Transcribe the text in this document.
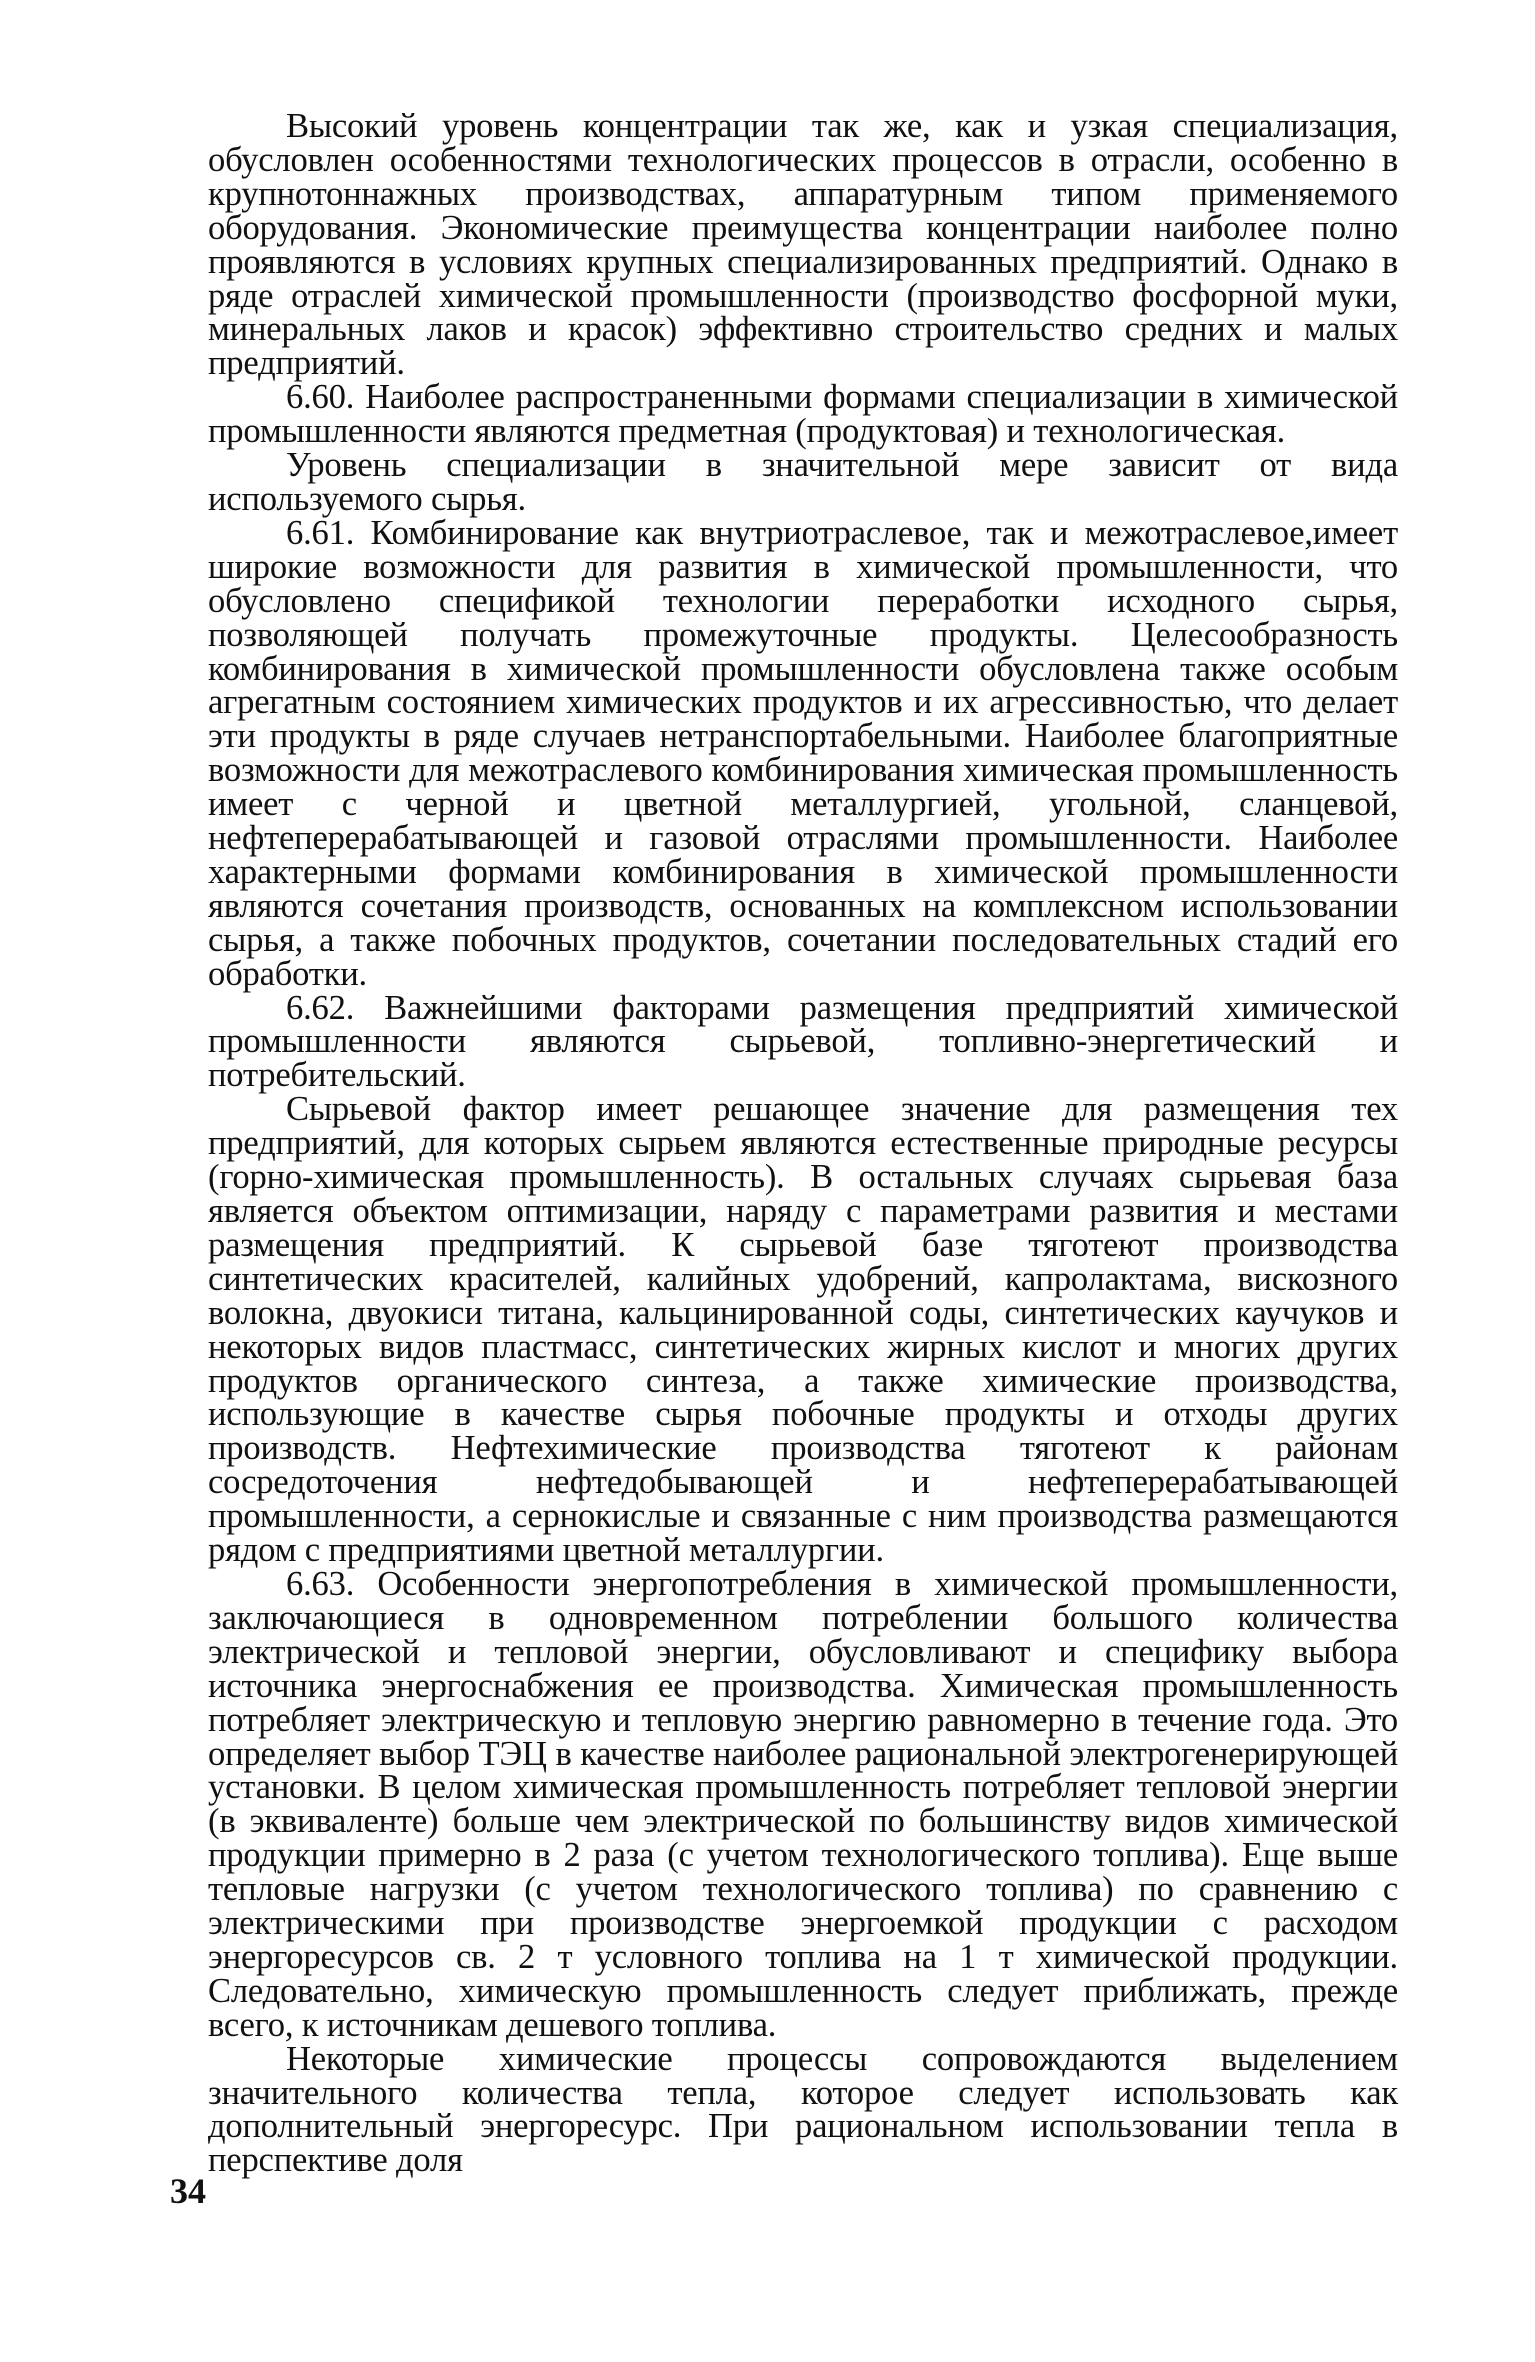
Высокий уровень концентрации так же, как и узкая специализация, обусловлен особенностями технологических процессов в отрасли, особенно в крупнотоннажных производствах, аппаратурным типом применяемого оборудования. Экономические преимущества концентрации наиболее полно проявляются в условиях крупных специализированных предприятий. Однако в ряде отраслей химической промышленности (производство фосфорной муки, минеральных лаков и красок) эффективно строительство средних и малых предприятий.

6.60. Наиболее распространенными формами специализации в химической промышленности являются предметная (продуктовая) и технологическая.

Уровень специализации в значительной мере зависит от вида используемого сырья.

6.61. Комбинирование как внутриотраслевое, так и межотраслевое,имеет широкие возможности для развития в химической промышленности, что обусловлено спецификой технологии переработки исходного сырья, позволяющей получать промежуточные продукты. Целесообразность комбинирования в химической промышленности обусловлена также особым агрегатным состоянием химических продуктов и их агрессивностью, что делает эти продукты в ряде случаев нетранспортабельными. Наиболее благоприятные возможности для межотраслевого комбинирования химическая промышленность имеет с черной и цветной металлургией, угольной, сланцевой, нефтеперерабатывающей и газовой отраслями промышленности. Наиболее характерными формами комбинирования в химической промышленности являются сочетания производств, основанных на комплексном использовании сырья, а также побочных продуктов, сочетании последовательных стадий его обработки.

6.62. Важнейшими факторами размещения предприятий химической промышленности являются сырьевой, топливно-энергетический и потребительский.

Сырьевой фактор имеет решающее значение для размещения тех предприятий, для которых сырьем являются естественные природные ресурсы (горно-химическая промышленность). В остальных случаях сырьевая база является объектом оптимизации, наряду с параметрами развития и местами размещения предприятий. К сырьевой базе тяготеют производства синтетических красителей, калийных удобрений, капролактама, вискозного волокна, двуокиси титана, кальцинированной соды, синтетических каучуков и некоторых видов пластмасс, синтетических жирных кислот и многих других продуктов органического синтеза, а также химические производства, использующие в качестве сырья побочные продукты и отходы других производств. Нефтехимические производства тяготеют к районам сосредоточения нефтедобывающей и нефтеперерабатывающей промышленности, а сернокислые и связанные с ним производства размещаются рядом с предприятиями цветной металлургии.

6.63. Особенности энергопотребления в химической промышленности, заключающиеся в одновременном потреблении большого количества электрической и тепловой энергии, обусловливают и специфику выбора источника энергоснабжения ее производства. Химическая промышленность потребляет электрическую и тепловую энергию равномерно в течение года. Это определяет выбор ТЭЦ в качестве наиболее рациональной электрогенерирующей установки. В целом химическая промышленность потребляет тепловой энергии (в эквиваленте) больше чем электрической по большинству видов химической продукции примерно в 2 раза (с учетом технологического топлива). Еще выше тепловые нагрузки (с учетом технологического топлива) по сравнению с электрическими при производстве энергоемкой продукции с расходом энергоресурсов св. 2 т условного топлива на 1 т химической продукции. Следовательно, химическую промышленность следует приближать, прежде всего, к источникам дешевого топлива.

Некоторые химические процессы сопровождаются выделением значительного количества тепла, которое следует использовать как дополнительный энергоресурс. При рациональном использовании тепла в перспективе доля

34
